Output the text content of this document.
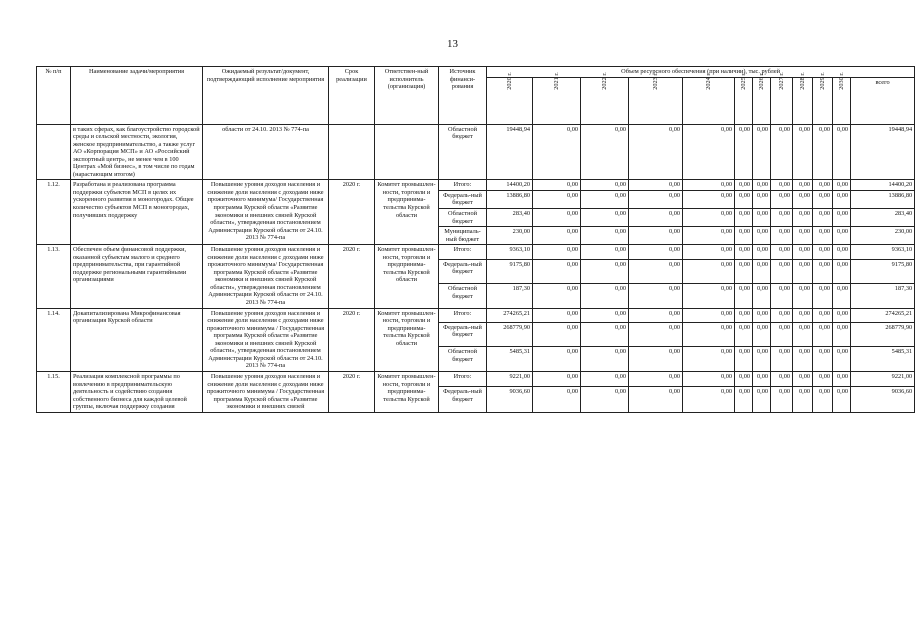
13
№ п/п	Наименование задачи/мероприятия	Ожидаемый результат/документ, подтверждающий исполнение мероприятия	Срок реализации	Ответствен-ный исполнитель (организация)	Источник финанси-рования	Объем ресурсного обеспечения (при наличии), тыс. рублей											

						2020 г.	2021 г.	2022 г.	2023 г.	2024 г.	2025 г.	2026 г.	2027 г.	2028 г.	2029 г.	2030 г.	всего
	в таких сферах, как благоустройство городской среды и сельской местности, экология, женское предпринимательство, а также услуг АО «Корпорация МСП» и АО «Российский экспортный центр», не менее чем в 100 Центрах «Мой бизнес», в том числе по годам (нарастающим итогом)	области от 24.10. 2013 № 774-па			Областной бюджет	19448,94	0,00	0,00	0,00	0,00	0,00	0,00	0,00	0,00	0,00	0,00	19448,94
1.12.	Разработана и реализована программа поддержки субъектов МСП в целях их ускоренного развития в моногородах. Общее количество субъектов МСП в моногородах, получивших поддержку	Повышение уровня доходов населения и снижение доли населения с доходами ниже прожиточного минимума/ Государственная программа Курской области «Развитие экономики и внешних связей Курской области», утвержденная постановлением Администрации Курской области от 24.10. 2013 № 774-па	2020 г.	Комитет промышлен-ности, торговли и предпринима-тельства Курской области	Итого:	14400,20	0,00	0,00	0,00	0,00	0,00	0,00	0,00	0,00	0,00	0,00	14400,20
					Федераль-ный бюджет	13886,80	0,00	0,00	0,00	0,00	0,00	0,00	0,00	0,00	0,00	0,00	13886,80
					Областной бюджет	283,40	0,00	0,00	0,00	0,00	0,00	0,00	0,00	0,00	0,00	0,00	283,40
					Муниципаль-ный бюджет	230,00	0,00	0,00	0,00	0,00	0,00	0,00	0,00	0,00	0,00	0,00	230,00
1.13.	Обеспечен объем финансовой поддержки, оказанной субъектам малого и среднего предпринимательства, при гарантийной поддержке региональными гарантийными организациями	Повышение уровня доходов населения и снижение доли населения с доходами ниже прожиточного минимума/ Государственная программа Курской области «Развитие экономики и внешних связей Курской области», утвержденная постановлением Администрации Курской области от 24.10. 2013 № 774-па	2020 г.	Комитет промышлен-ности, торговли и предпринима-тельства Курской области	Итого:	9363,10	0,00	0,00	0,00	0,00	0,00	0,00	0,00	0,00	0,00	0,00	9363,10
					Федераль-ный бюджет	9175,80	0,00	0,00	0,00	0,00	0,00	0,00	0,00	0,00	0,00	0,00	9175,80
					Областной бюджет	187,30	0,00	0,00	0,00	0,00	0,00	0,00	0,00	0,00	0,00	0,00	187,30
1.14.	Докапитализирована Микрофинансовая организация Курской области	Повышение уровня доходов населения и снижение доли населения с доходами ниже прожиточного минимума / Государственная программа Курской области «Развитие экономики и внешних связей Курской области», утвержденная постановлением Администрации Курской области от 24.10. 2013 № 774-па	2020 г.	Комитет промышлен-ности, торговли и предпринима-тельства Курской области	Итого:	274265,21	0,00	0,00	0,00	0,00	0,00	0,00	0,00	0,00	0,00	0,00	274265,21
					Федераль-ный бюджет	268779,90	0,00	0,00	0,00	0,00	0,00	0,00	0,00	0,00	0,00	0,00	268779,90
					Областной бюджет	5485,31	0,00	0,00	0,00	0,00	0,00	0,00	0,00	0,00	0,00	0,00	5485,31
1.15.	Реализация комплексной программы по вовлечению в предпринимательскую деятельность и содействию создания собственного бизнеса для каждой целевой группы, включая поддержку создания	Повышение уровня доходов населения и снижение доли населения с доходами ниже прожиточного минимума / Государственная программа Курской области «Развитие экономики и внешних связей	2020 г.	Комитет промышлен-ности, торговли и предпринима-тельства Курской	Итого:	9221,00	0,00	0,00	0,00	0,00	0,00	0,00	0,00	0,00	0,00	0,00	9221,00
					Федераль-ный бюджет	9036,60	0,00	0,00	0,00	0,00	0,00	0,00	0,00	0,00	0,00	0,00	9036,60
